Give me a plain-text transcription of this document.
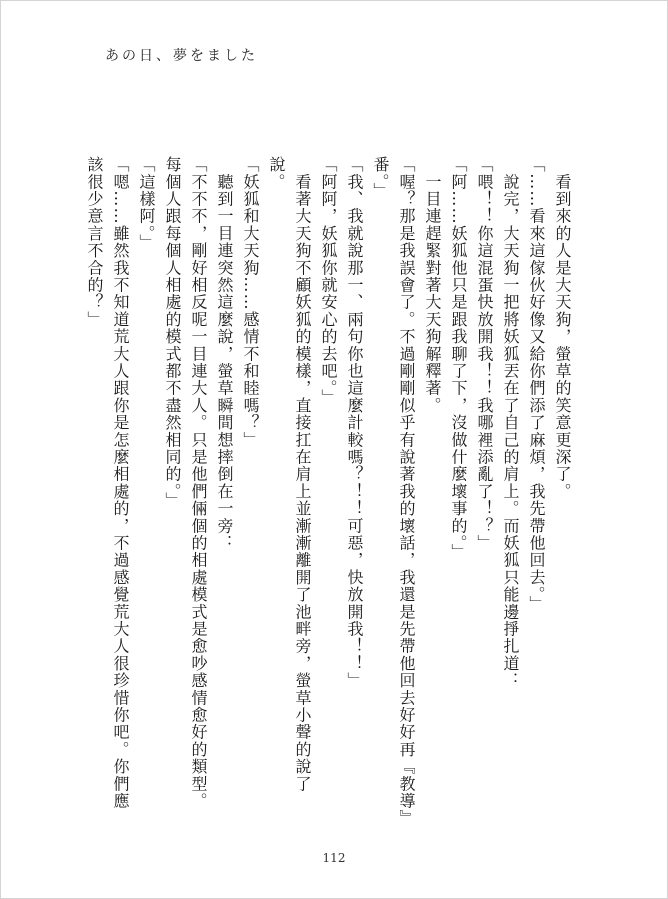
あの日、夢をました

　看到來的人是大天狗，螢草的笑意更深了。

「……看來這傢伙好像又給你們添了麻煩，我先帶他回去。」

　說完，大天狗一把將妖狐丟在了自己的肩上。而妖狐只能邊掙扎道：

「喂！！你這混蛋快放開我！！我哪裡添亂了！？」

「阿……妖狐他只是跟我聊了下，沒做什麼壞事的。」

　一目連趕緊對著大天狗解釋著。

「喔？那是我誤會了。不過剛剛似乎有說著我的壞話，我還是先帶他回去好好再『教導』番。」

「我、我就說那一、兩句你也這麼計較嗎？！！可惡，快放開我！！」

「阿阿，妖狐你就安心的去吧。」

　看著大天狗不顧妖狐的模樣，直接扛在肩上並漸漸離開了池畔旁，螢草小聲的說了說。

「妖狐和大天狗……感情不和睦嗎？」

　聽到一目連突然這麼說，螢草瞬間想摔倒在一旁：

「不不不，剛好相反呢一目連大人。只是他們倆個的相處模式是愈吵感情愈好的類型。每個人跟每個人相處的模式都不盡然相同的。」

「這樣阿。」

「嗯……雖然我不知道荒大人跟你是怎麼相處的，不過感覺荒大人很珍惜你吧。你們應該很少意言不合的？」

112
